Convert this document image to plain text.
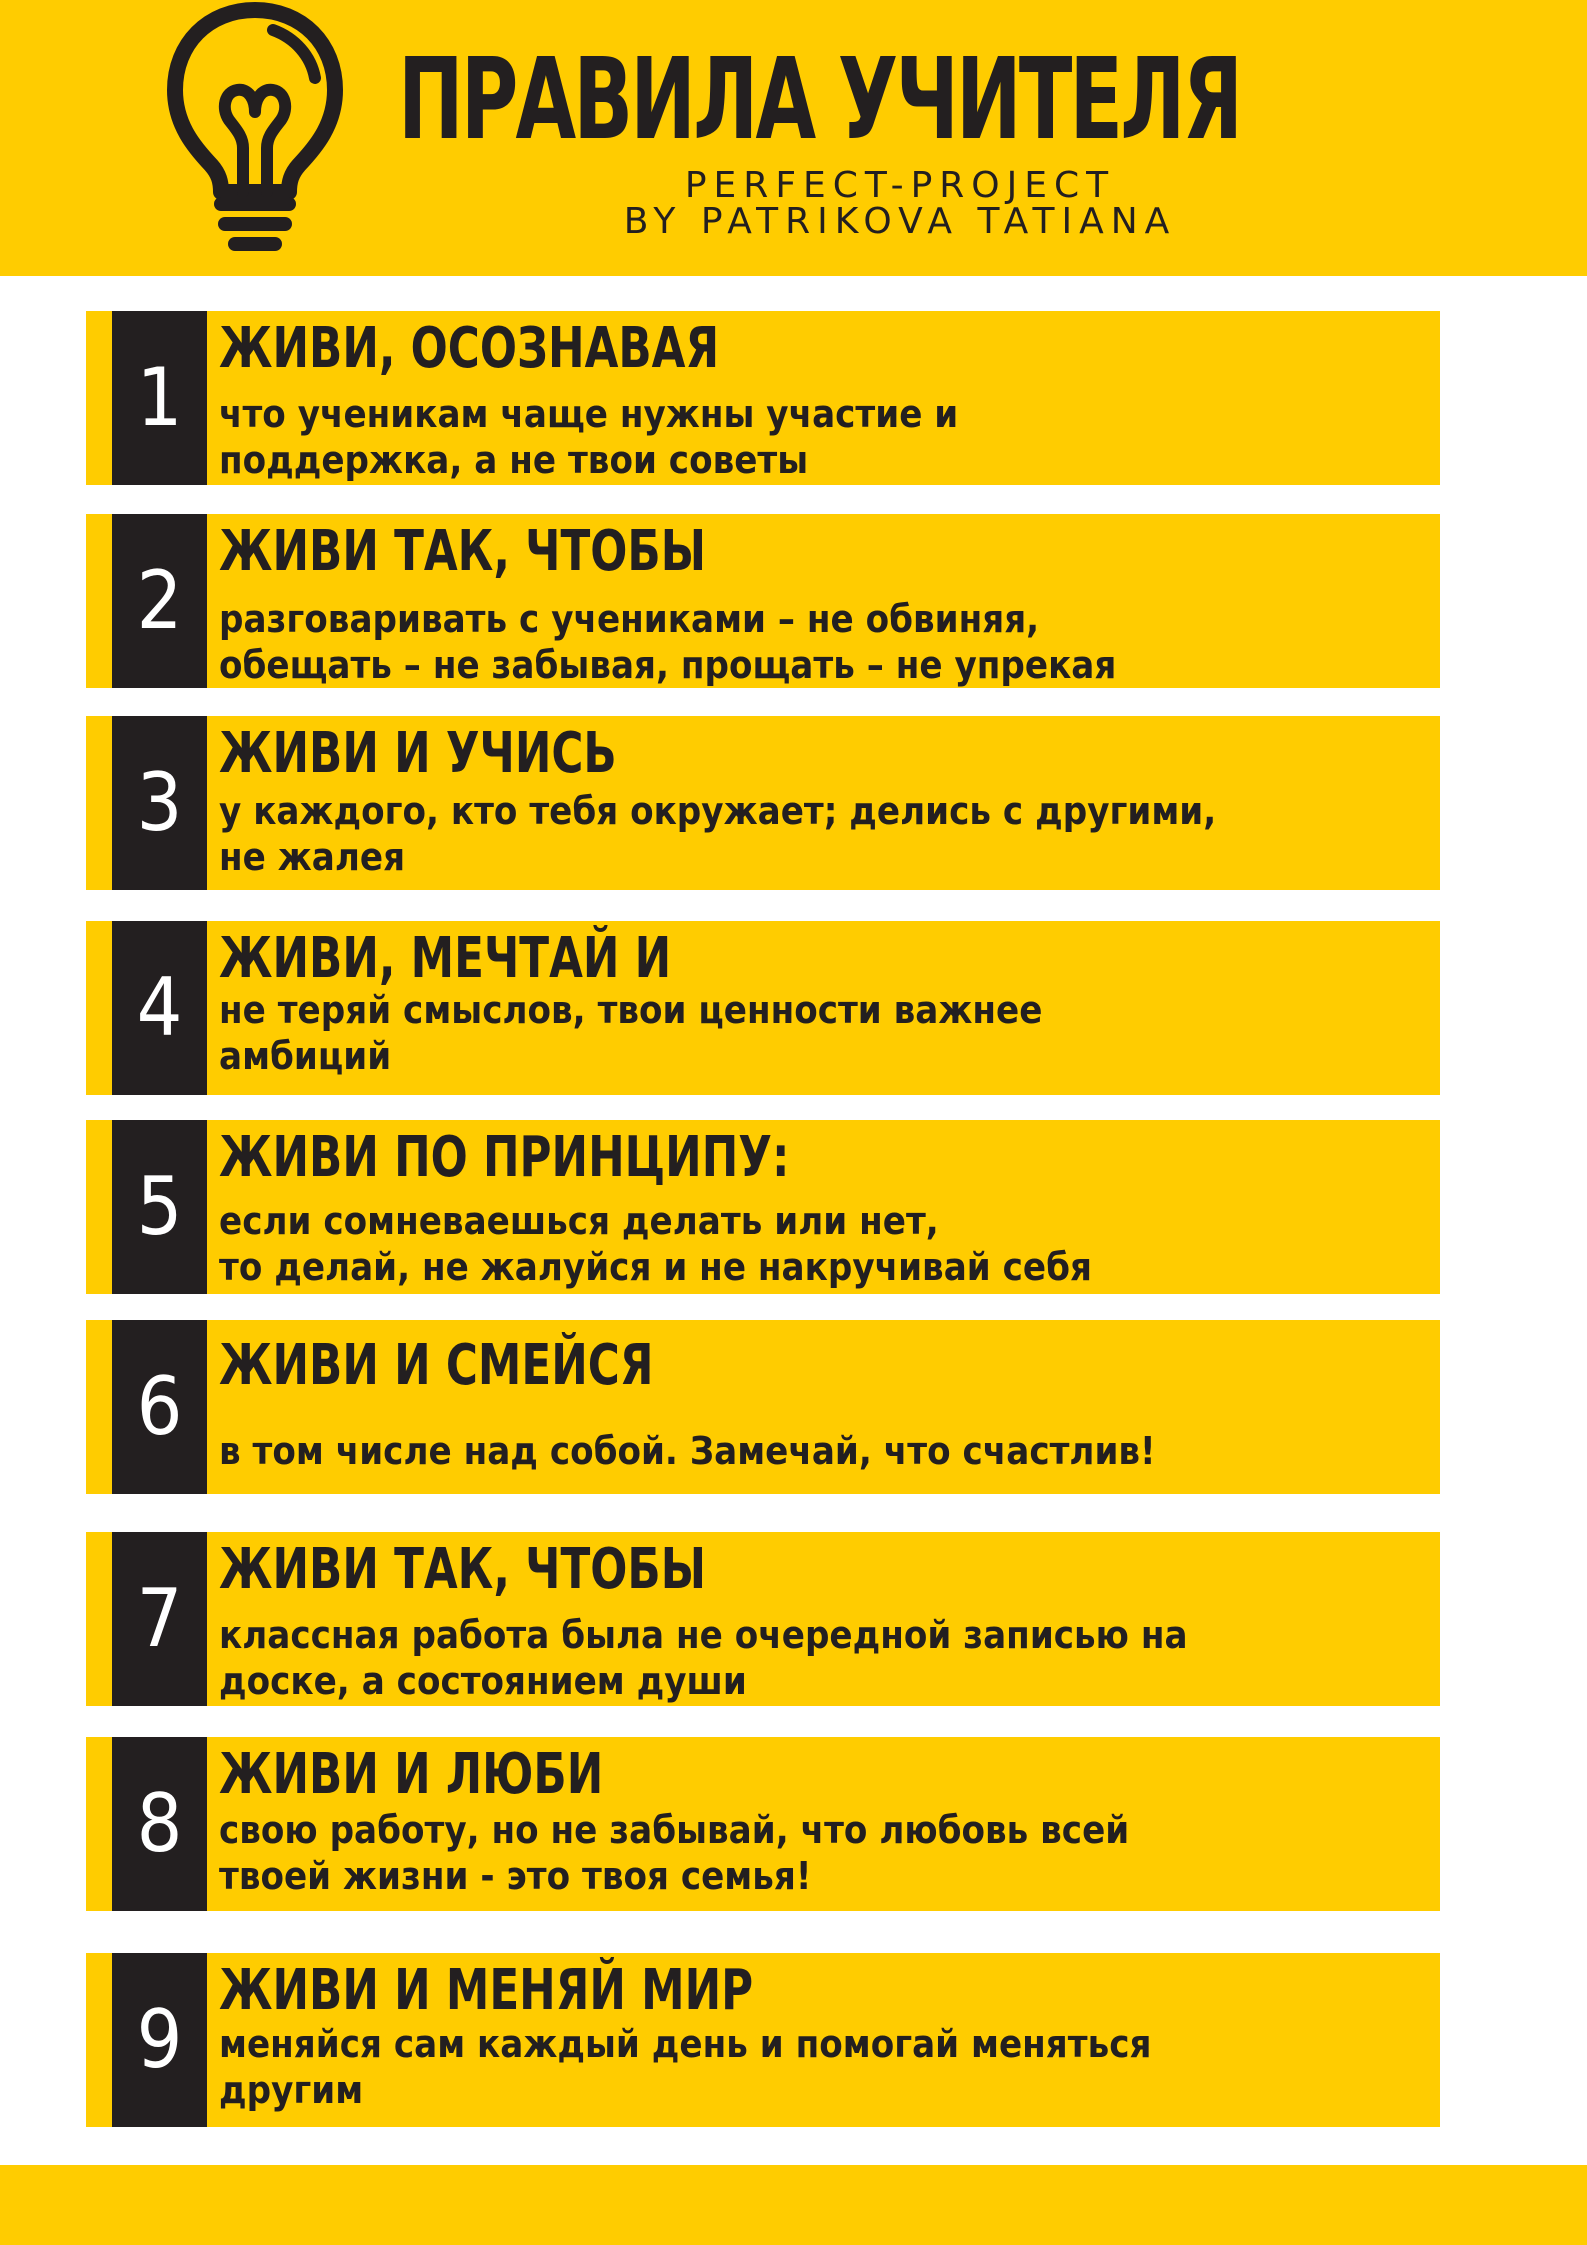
ПРАВИЛА УЧИТЕЛЯ
PERFECT-PROJECT
BY PATRIKOVA TATIANA
1
ЖИВИ, ОСОЗНАВАЯ

что ученикам чаще нужны участие и
поддержка, а не твои советы

2
ЖИВИ ТАК, ЧТОБЫ

разговаривать с учениками – не обвиняя,
обещать – не забывая, прощать – не упрекая

3
ЖИВИ И УЧИСЬ

у каждого, кто тебя окружает; делись с другими,
не жалея

4
ЖИВИ, МЕЧТАЙ И

не теряй смыслов, твои ценности важнее
амбиций

5
ЖИВИ ПО ПРИНЦИПУ:

если сомневаешься делать или нет,
то делай, не жалуйся и не накручивай себя

6 ЖИВИ И СМЕЙСЯ

в том числе над собой. Замечай, что счастлив!

7
ЖИВИ ТАК, ЧТОБЫ

классная работа была не очередной записью на
доске, а состоянием души

8
ЖИВИ И ЛЮБИ

свою работу, но не забывай, что любовь всей
твоей жизни - это твоя семья!

9
ЖИВИ И МЕНЯЙ МИР

меняйся сам каждый день и помогай меняться
другим
